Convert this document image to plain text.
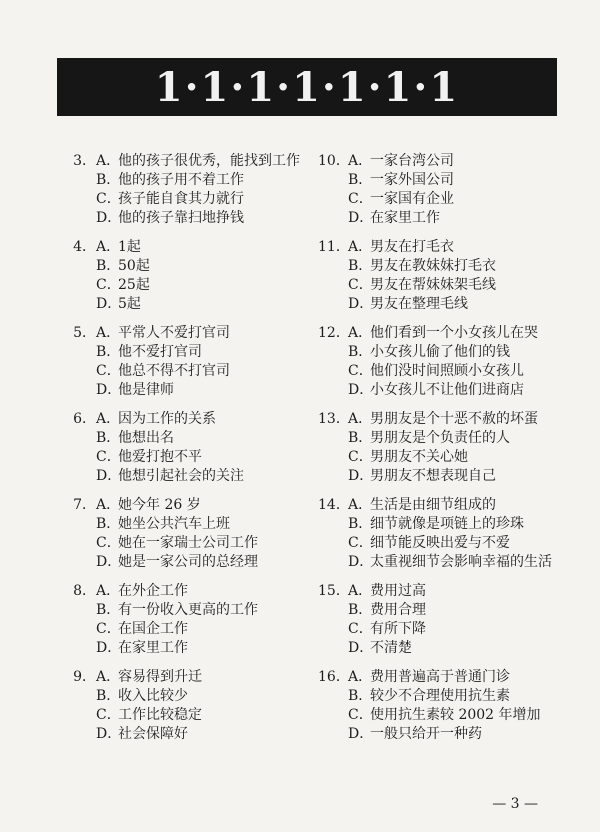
1·1·1·1·1·1·1
3．A．他的孩子很优秀，能找到工作
B．他的孩子用不着工作
C．孩子能自食其力就行
D．他的孩子靠扫地挣钱
4．A．1起
B．50起
C．25起
D．5起
5．A．平常人不爱打官司
B．他不爱打官司
C．他总不得不打官司
D．他是律师
6．A．因为工作的关系
B．他想出名
C．他爱打抱不平
D．他想引起社会的关注
7．A．她今年 26 岁
B．她坐公共汽车上班
C．她在一家瑞士公司工作
D．她是一家公司的总经理
8．A．在外企工作
B．有一份收入更高的工作
C．在国企工作
D．在家里工作
9．A．容易得到升迁
B．收入比较少
C．工作比较稳定
D．社会保障好
10．A．一家台湾公司
B．一家外国公司
C．一家国有企业
D．在家里工作
11．A．男友在打毛衣
B．男友在教妹妹打毛衣
C．男友在帮妹妹架毛线
D．男友在整理毛线
12．A．他们看到一个小女孩儿在哭
B．小女孩儿偷了他们的钱
C．他们没时间照顾小女孩儿
D．小女孩儿不让他们进商店
13．A．男朋友是个十恶不赦的坏蛋
B．男朋友是个负责任的人
C．男朋友不关心她
D．男朋友不想表现自己
14．A．生活是由细节组成的
B．细节就像是项链上的珍珠
C．细节能反映出爱与不爱
D．太重视细节会影响幸福的生活
15．A．费用过高
B．费用合理
C．有所下降
D．不清楚
16．A．费用普遍高于普通门诊
B．较少不合理使用抗生素
C．使用抗生素较 2002 年增加
D．一般只给开一种药
— 3 —
